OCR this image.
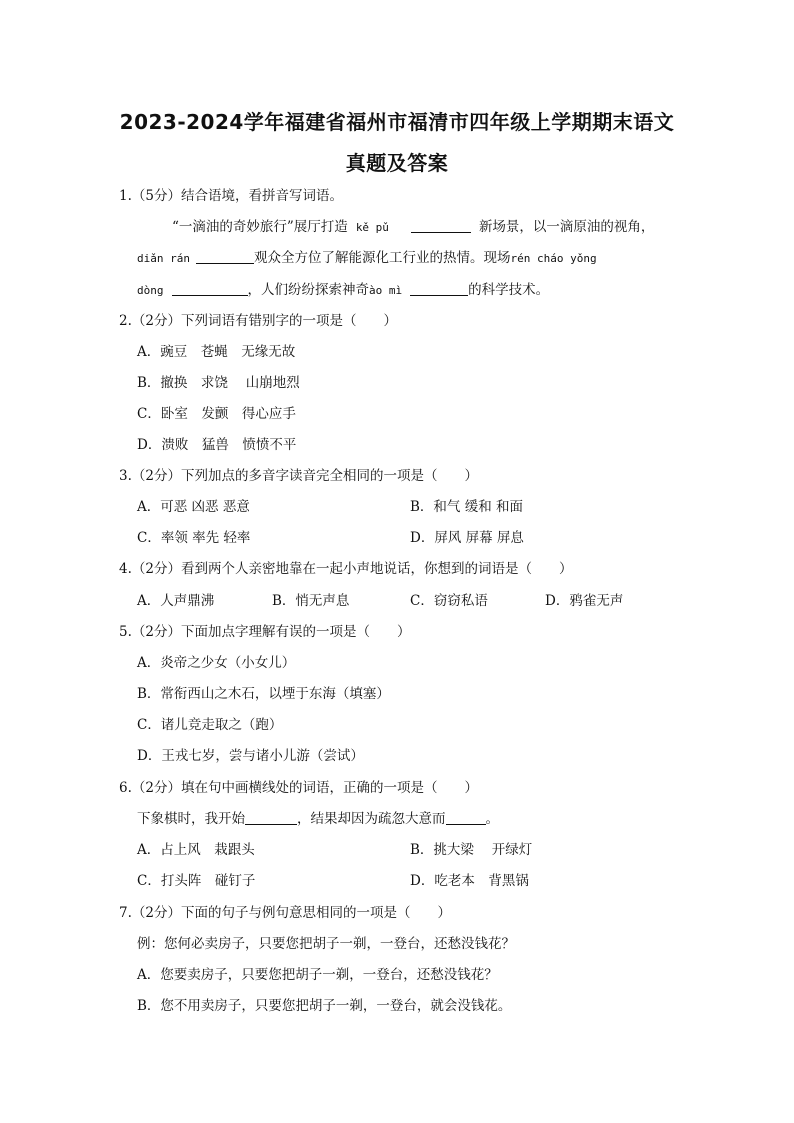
2023-2024学年福建省福州市福清市四年级上学期期末语文
真题及答案
1.（5分）结合语境，看拼音写词语。
“一滴油的奇妙旅行”展厅打造 kě pǔ	新场景，以一滴原油的视角，
diǎn rán	观众全方位了解能源化工行业的热情。现场rén cháo yǒng
dòng	，人们纷纷探索神奇ào mì	的科学技术。
2.（2分）下列词语有错别字的一项是（　　）
A．豌豆　苍蝇　无缘无故
B．撤换　求饶　 山崩地烈
C．卧室　发颤　得心应手
D．溃败　猛兽　愤愤不平
3.（2分）下列加点的多音字读音完全相同的一项是（　　）
A．可恶 凶恶 恶意	B．和气 缓和 和面
C．率领 率先 轻率	D．屏风 屏幕 屏息
4.（2分）看到两个人亲密地靠在一起小声地说话，你想到的词语是（　　）
A．人声鼎沸	B．悄无声息	C．窃窃私语	D．鸦雀无声
5.（2分）下面加点字理解有误的一项是（　　）
A．炎帝之少女（小女儿）
B．常衔西山之木石，以堙于东海（填塞）
C．诸儿竞走取之（跑）
D．王戎七岁，尝与诸小儿游（尝试）
6.（2分）填在句中画横线处的词语，正确的一项是（　　）
下象棋时，我开始	，结果却因为疏忽大意而	。
A．占上风　栽跟头	B．挑大梁　 开绿灯
C．打头阵　碰钉子	D．吃老本　背黑锅
7.（2分）下面的句子与例句意思相同的一项是（　　）
例：您何必卖房子，只要您把胡子一剃，一登台，还愁没钱花？
A．您要卖房子，只要您把胡子一剃，一登台，还愁没钱花？
B．您不用卖房子，只要您把胡子一剃，一登台，就会没钱花。
